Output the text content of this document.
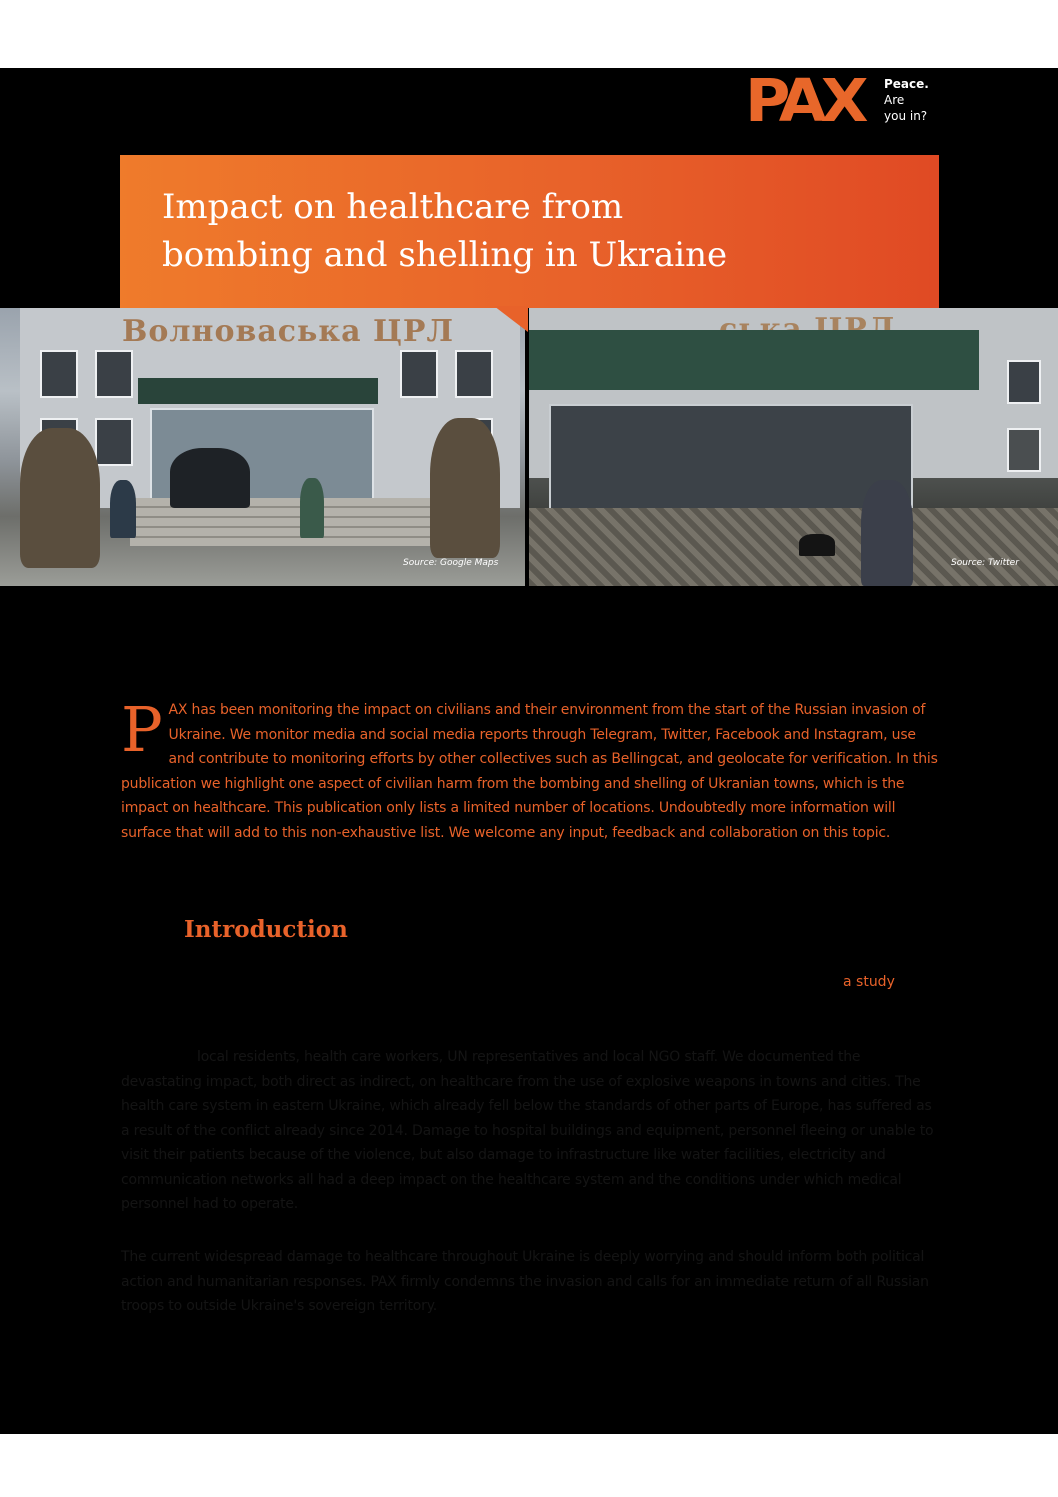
PAX Peace.
Are
you in?
Impact on healthcare from
bombing and shelling in Ukraine
Волноваська ЦРЛ
Source: Google Maps	Source: Twitter

PAX has been monitoring the impact on civilians and their environment from the start of the Russian invasion of Ukraine. We monitor media and social media reports through Telegram, Twitter, Facebook and Instagram, use and contribute to monitoring efforts by other collectives such as Bellingcat, and geolocate for verification. In this publication we highlight one aspect of civilian harm from the bombing and shelling of Ukranian towns, which is the impact on healthcare. This publication only lists a limited number of locations. Undoubtedly more information will surface that will add to this non-exhaustive list. We welcome any input, feedback and collaboration on this topic.

Introduction
a study

local residents, health care workers, UN representatives and local NGO staff. We documented the devastating impact, both direct as indirect, on healthcare from the use of explosive weapons in towns and cities. The health care system in eastern Ukraine, which already fell below the standards of other parts of Europe, has suffered as a result of the conflict already since 2014. Damage to hospital buildings and equipment, personnel fleeing or unable to visit their patients because of the violence, but also damage to infrastructure like water facilities, electricity and communication networks all had a deep impact on the healthcare system and the conditions under which medical personnel had to operate.

The current widespread damage to healthcare throughout Ukraine is deeply worrying and should inform both political action and humanitarian responses. PAX firmly condemns the invasion and calls for an immediate return of all Russian troops to outside Ukraine's sovereign territory.
